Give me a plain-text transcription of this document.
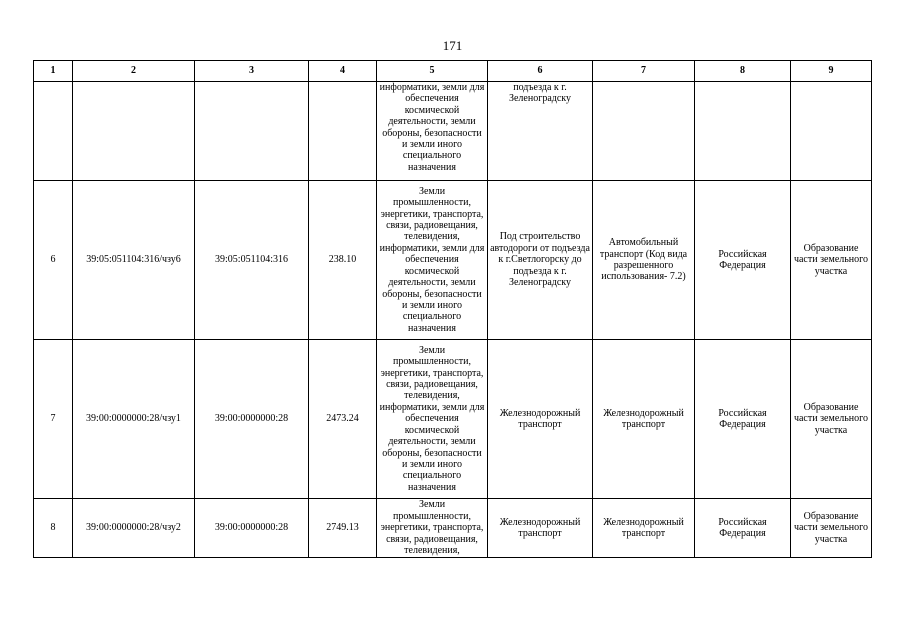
171
1	2	3	4	5	6	7	8	9
				информатики, земли для обеспечения космической деятельности, земли обороны, безопасности и земли иного специального назначения	подъезда к г. Зеленоградску			
6	39:05:051104:316/чзу6	39:05:051104:316	238.10	Земли промышленности, энергетики, транспорта, связи, радиовещания, телевидения, информатики, земли для обеспечения космической деятельности, земли обороны, безопасности и земли иного специального назначения	Под строительство автодороги от подъезда к г.Светлогорску до подъезда к г. Зеленоградску	Автомобильный транспорт (Код вида разрешенного использования- 7.2)	Российская Федерация	Образование части земельного участка
7	39:00:0000000:28/чзу1	39:00:0000000:28	2473.24	Земли промышленности, энергетики, транспорта, связи, радиовещания, телевидения, информатики, земли для обеспечения космической деятельности, земли обороны, безопасности и земли иного специального назначения	Железнодорожный транспорт	Железнодорожный транспорт	Российская Федерация	Образование части земельного участка
8	39:00:0000000:28/чзу2	39:00:0000000:28	2749.13	Земли промышленности, энергетики, транспорта, связи, радиовещания, телевидения,	Железнодорожный транспорт	Железнодорожный транспорт	Российская Федерация	Образование части земельного участка
